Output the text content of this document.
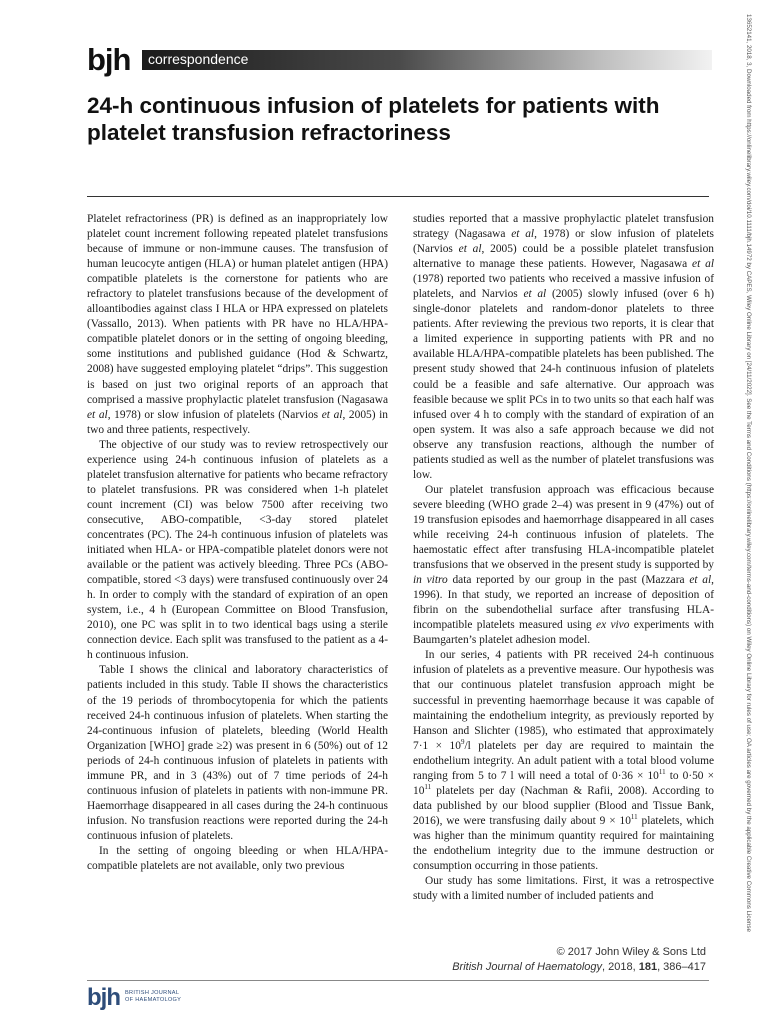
bjh correspondence
24-h continuous infusion of platelets for patients with platelet transfusion refractoriness

Platelet refractoriness (PR) is defined as an inappropriately low platelet count increment following repeated platelet transfusions because of immune or non-immune causes. The transfusion of human leucocyte antigen (HLA) or human platelet antigen (HPA) compatible platelets is the cornerstone for patients who are refractory to platelet transfusions because of the development of alloantibodies against class I HLA or HPA expressed on platelets (Vassallo, 2013). When patients with PR have no HLA/HPA-compatible platelet donors or in the setting of ongoing bleeding, some institutions and published guidance (Hod & Schwartz, 2008) have suggested employing platelet “drips”. This suggestion is based on just two original reports of an approach that comprised a massive prophylactic platelet transfusion (Nagasawa et al, 1978) or slow infusion of platelets (Narvios et al, 2005) in two and three patients, respectively.

The objective of our study was to review retrospectively our experience using 24-h continuous infusion of platelets as a platelet transfusion alternative for patients who became refractory to platelet transfusions. PR was considered when 1-h platelet count increment (CI) was below 7500 after receiving two consecutive, ABO-compatible, <3-day stored platelet concentrates (PC). The 24-h continuous infusion of platelets was initiated when HLA- or HPA-compatible platelet donors were not available or the patient was actively bleeding. Three PCs (ABO-compatible, stored <3 days) were transfused continuously over 24 h. In order to comply with the standard of expiration of an open system, i.e., 4 h (European Committee on Blood Transfusion, 2010), one PC was split in to two identical bags using a sterile connection device. Each split was transfused to the patient as a 4-h continuous infusion.

Table I shows the clinical and laboratory characteristics of patients included in this study. Table II shows the characteristics of the 19 periods of thrombocytopenia for which the patients received 24-h continuous infusion of platelets. When starting the 24-continuous infusion of platelets, bleeding (World Health Organization [WHO] grade ≥2) was present in 6 (50%) out of 12 periods of 24-h continuous infusion of platelets in patients with immune PR, and in 3 (43%) out of 7 time periods of 24-h continuous infusion of platelets in patients with non-immune PR. Haemorrhage disappeared in all cases during the 24-h continuous infusion. No transfusion reactions were reported during the 24-h continuous infusion of platelets.

In the setting of ongoing bleeding or when HLA/HPA-compatible platelets are not available, only two previous

studies reported that a massive prophylactic platelet transfusion strategy (Nagasawa et al, 1978) or slow infusion of platelets (Narvios et al, 2005) could be a possible platelet transfusion alternative to manage these patients. However, Nagasawa et al (1978) reported two patients who received a massive infusion of platelets, and Narvios et al (2005) slowly infused (over 6 h) single-donor platelets and random-donor platelets to three patients. After reviewing the previous two reports, it is clear that a limited experience in supporting patients with PR and no available HLA/HPA-compatible platelets has been published. The present study showed that 24-h continuous infusion of platelets could be a feasible and safe alternative. Our approach was feasible because we split PCs in to two units so that each half was infused over 4 h to comply with the standard of expiration of an open system. It was also a safe approach because we did not observe any transfusion reactions, although the number of patients studied as well as the number of platelet transfusions was low.

Our platelet transfusion approach was efficacious because severe bleeding (WHO grade 2–4) was present in 9 (47%) out of 19 transfusion episodes and haemorrhage disappeared in all cases while receiving 24-h continuous infusion of platelets. The haemostatic effect after transfusing HLA-incompatible platelet transfusions that we observed in the present study is supported by in vitro data reported by our group in the past (Mazzara et al, 1996). In that study, we reported an increase of deposition of fibrin on the subendothelial surface after transfusing HLA-incompatible platelets measured using ex vivo experiments with Baumgarten’s platelet adhesion model.

In our series, 4 patients with PR received 24-h continuous infusion of platelets as a preventive measure. Our hypothesis was that our continuous platelet transfusion approach might be successful in preventing haemorrhage because it was capable of maintaining the endothelium integrity, as previously reported by Hanson and Slichter (1985), who estimated that approximately $7\cdot 1 \times 10^9/l$ platelets per day are required to maintain the endothelium integrity. An adult patient with a total blood volume ranging from 5 to 7 l will need a total of $0\cdot 36 \times 10^{11}$ to $0\cdot 50 \times 10^{11}$ platelets per day (Nachman & Rafii, 2008). According to data published by our blood supplier (Blood and Tissue Bank, 2016), we were transfusing daily about $9 \times 10^{11}$ platelets, which was higher than the minimum quantity required for maintaining the endothelium integrity due to the immune destruction or consumption occurring in those patients.

Our study has some limitations. First, it was a retrospective study with a limited number of included patients and	13652141, 2018, 3, Downloaded from https://onlinelibrary.wiley.com/doi/10.1111/bjh.14972 by CAPES, Wiley Online Library on [24/11/2022]. See the Terms and Conditions (https://onlinelibrary.wiley.com/terms-and-conditions) on Wiley Online Library for rules of use; OA articles are governed by the applicable Creative Commons License
© 2017 John Wiley & Sons Ltd
British Journal of Haematology, 2018, 181, 386–417
bjh BRITISH JOURNAL
OF HAEMATOLOGY
